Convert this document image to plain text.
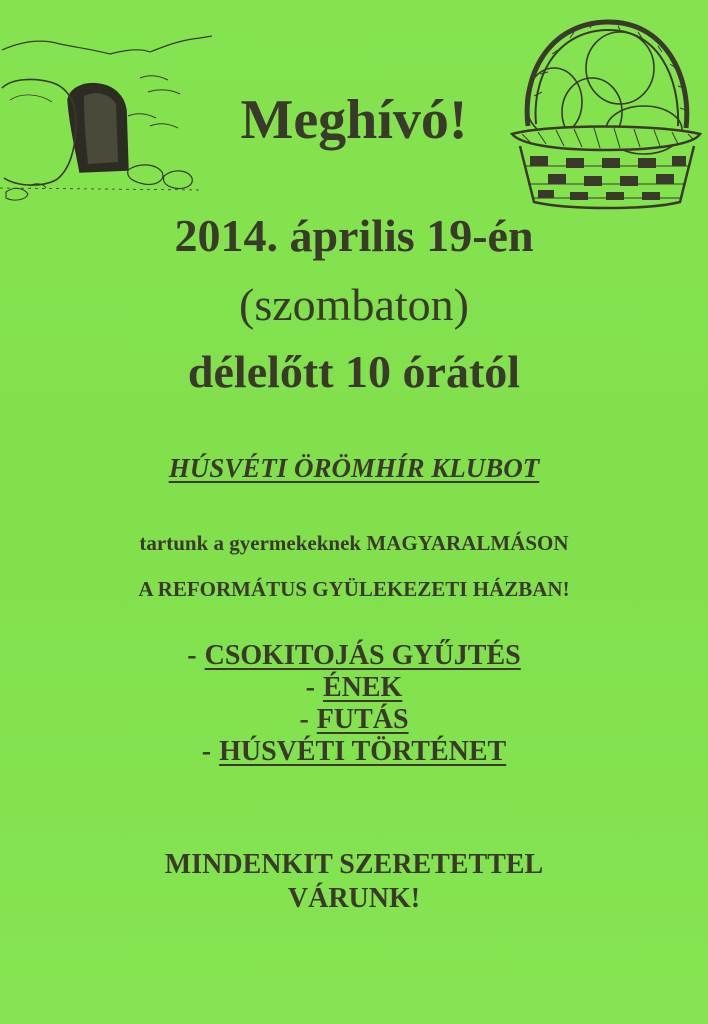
Meghívó!
2014. április 19-én
(szombaton)
délelőtt 10 órától
HÚSVÉTI ÖRÖMHÍR KLUBOT
tartunk a gyermekeknek MAGYARALMÁSON
A REFORMÁTUS GYÜLEKEZETI HÁZBAN!
- CSOKITOJÁS GYŰJTÉS
- ÉNEK
- FUTÁS
- HÚSVÉTI TÖRTÉNET
MINDENKIT SZERETETTEL
VÁRUNK!
